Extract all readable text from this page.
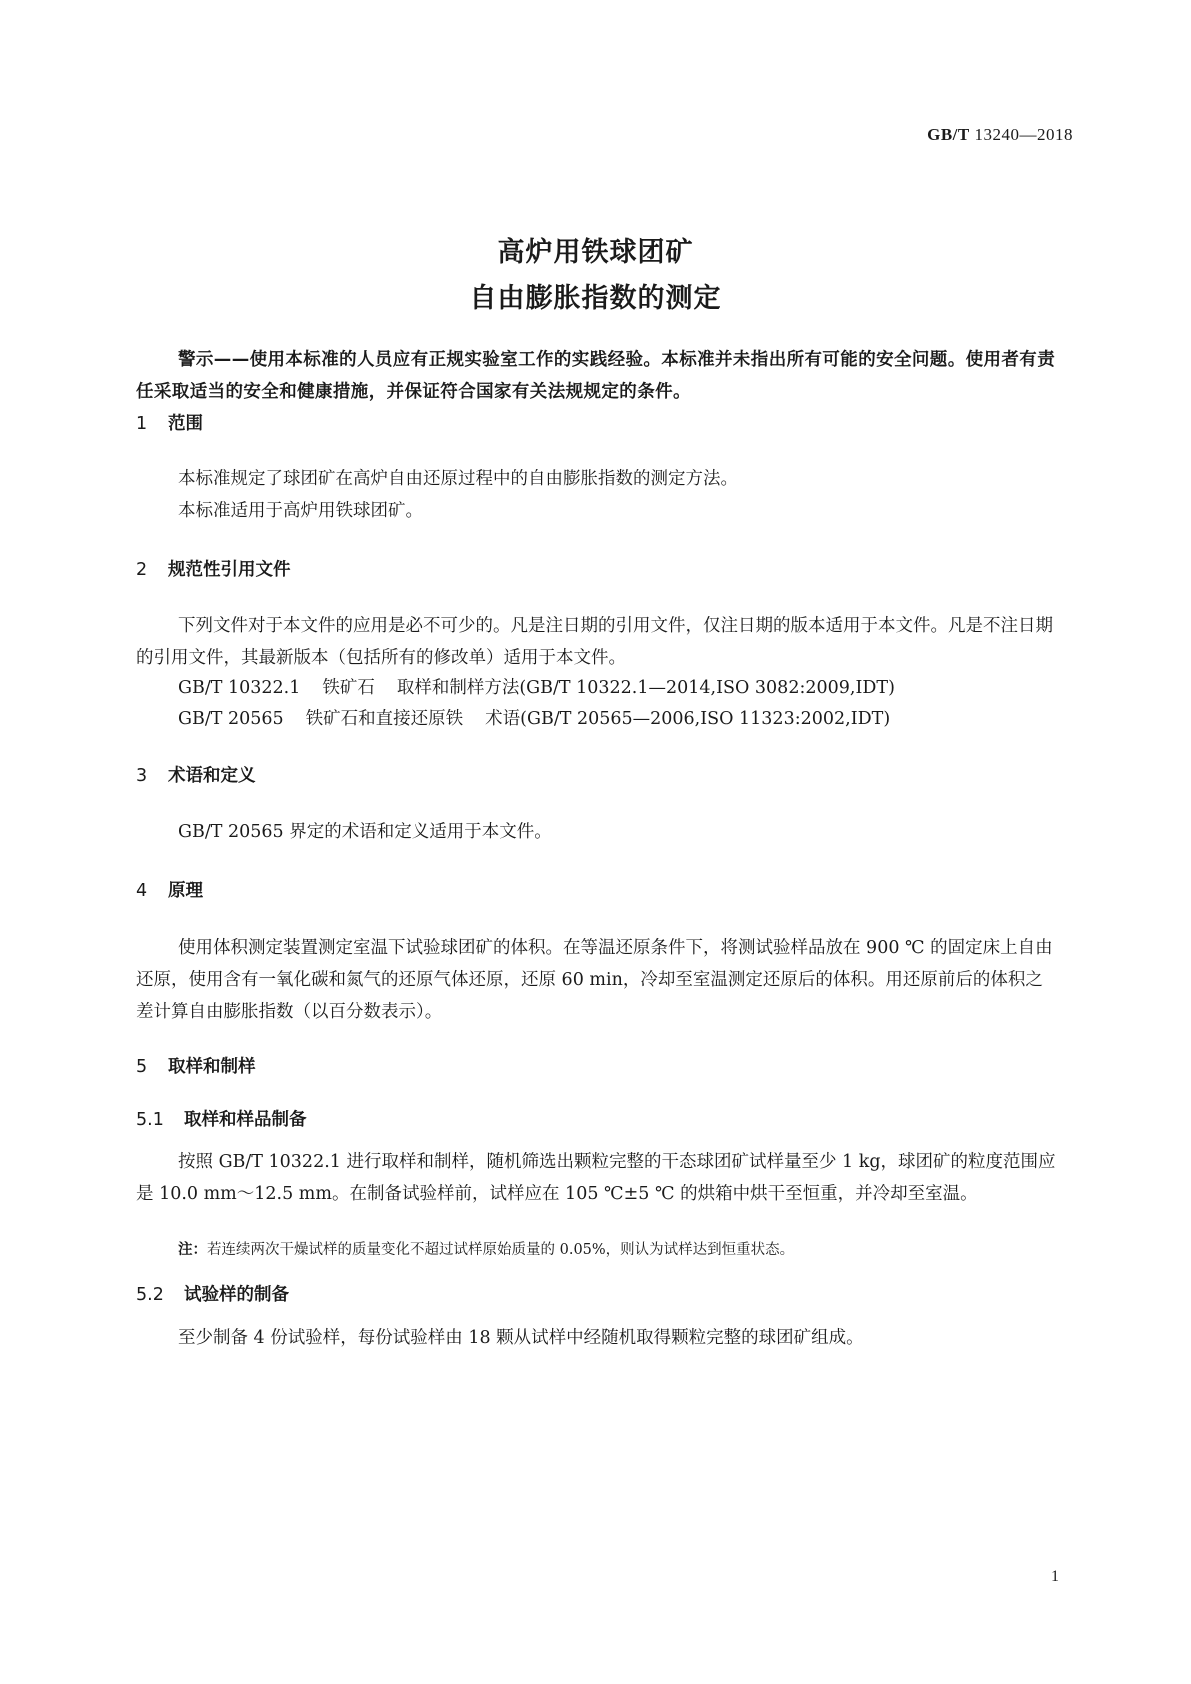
GB/T 13240—2018
高炉用铁球团矿
自由膨胀指数的测定
警示——使用本标准的人员应有正规实验室工作的实践经验。本标准并未指出所有可能的安全问题。使用者有责任采取适当的安全和健康措施，并保证符合国家有关法规规定的条件。
1 范围
本标准规定了球团矿在高炉自由还原过程中的自由膨胀指数的测定方法。
本标准适用于高炉用铁球团矿。
2 规范性引用文件
下列文件对于本文件的应用是必不可少的。凡是注日期的引用文件，仅注日期的版本适用于本文件。凡是不注日期的引用文件，其最新版本（包括所有的修改单）适用于本文件。
GB/T 10322.1 铁矿石 取样和制样方法(GB/T 10322.1—2014,ISO 3082:2009,IDT)
GB/T 20565 铁矿石和直接还原铁 术语(GB/T 20565—2006,ISO 11323:2002,IDT)
3 术语和定义
GB/T 20565 界定的术语和定义适用于本文件。
4 原理
使用体积测定装置测定室温下试验球团矿的体积。在等温还原条件下，将测试验样品放在 900 ℃ 的固定床上自由还原，使用含有一氧化碳和氮气的还原气体还原，还原 60 min，冷却至室温测定还原后的体积。用还原前后的体积之差计算自由膨胀指数（以百分数表示）。
5 取样和制样
5.1 取样和样品制备
按照 GB/T 10322.1 进行取样和制样，随机筛选出颗粒完整的干态球团矿试样量至少 1 kg，球团矿的粒度范围应是 10.0 mm～12.5 mm。在制备试验样前，试样应在 105 ℃±5 ℃ 的烘箱中烘干至恒重，并冷却至室温。
注：若连续两次干燥试样的质量变化不超过试样原始质量的 0.05%，则认为试样达到恒重状态。
5.2 试验样的制备
至少制备 4 份试验样，每份试验样由 18 颗从试样中经随机取得颗粒完整的球团矿组成。
1
